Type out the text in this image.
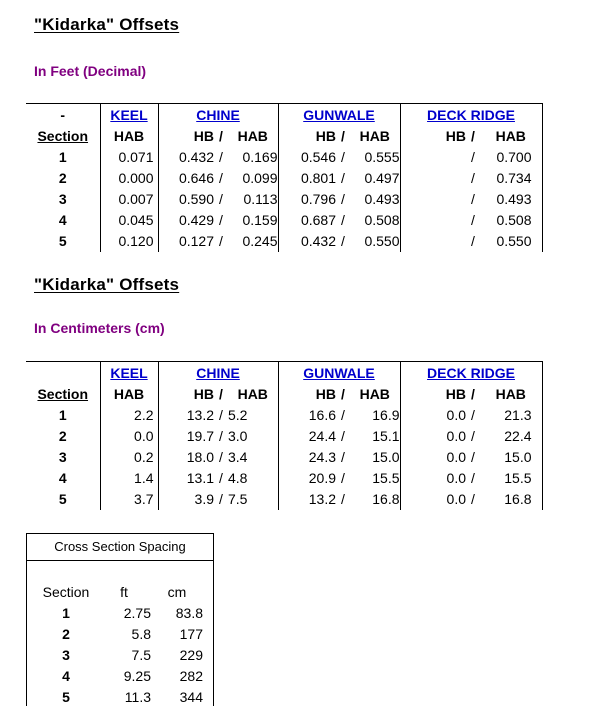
"Kidarka" Offsets
In Feet (Decimal)
-	KEEL	CHINE			GUNWALE			DECK RIDGE		
Section	HAB	HB	/	HAB	HB	/	HAB	HB	/	HAB
1	0.071	0.432	/	0.169	0.546	/	0.555		/	0.700
2	0.000	0.646	/	0.099	0.801	/	0.497		/	0.734
3	0.007	0.590	/	0.113	0.796	/	0.493		/	0.493
4	0.045	0.429	/	0.159	0.687	/	0.508		/	0.508
5	0.120	0.127	/	0.245	0.432	/	0.550		/	0.550
"Kidarka" Offsets
In Centimeters (cm)
	KEEL	CHINE			GUNWALE			DECK RIDGE		
Section	HAB	HB	/	HAB	HB	/	HAB	HB	/	HAB
1	2.2	13.2	/	5.2	16.6	/	16.9	0.0	/	21.3
2	0.0	19.7	/	3.0	24.4	/	15.1	0.0	/	22.4
3	0.2	18.0	/	3.4	24.3	/	15.0	0.0	/	15.0
4	1.4	13.1	/	4.8	20.9	/	15.5	0.0	/	15.5
5	3.7	3.9	/	7.5	13.2	/	16.8	0.0	/	16.8
Cross Section Spacing
Section	ft	cm
1	2.75	83.8
2	5.8	177
3	7.5	229
4	9.25	282
5	11.3	344
